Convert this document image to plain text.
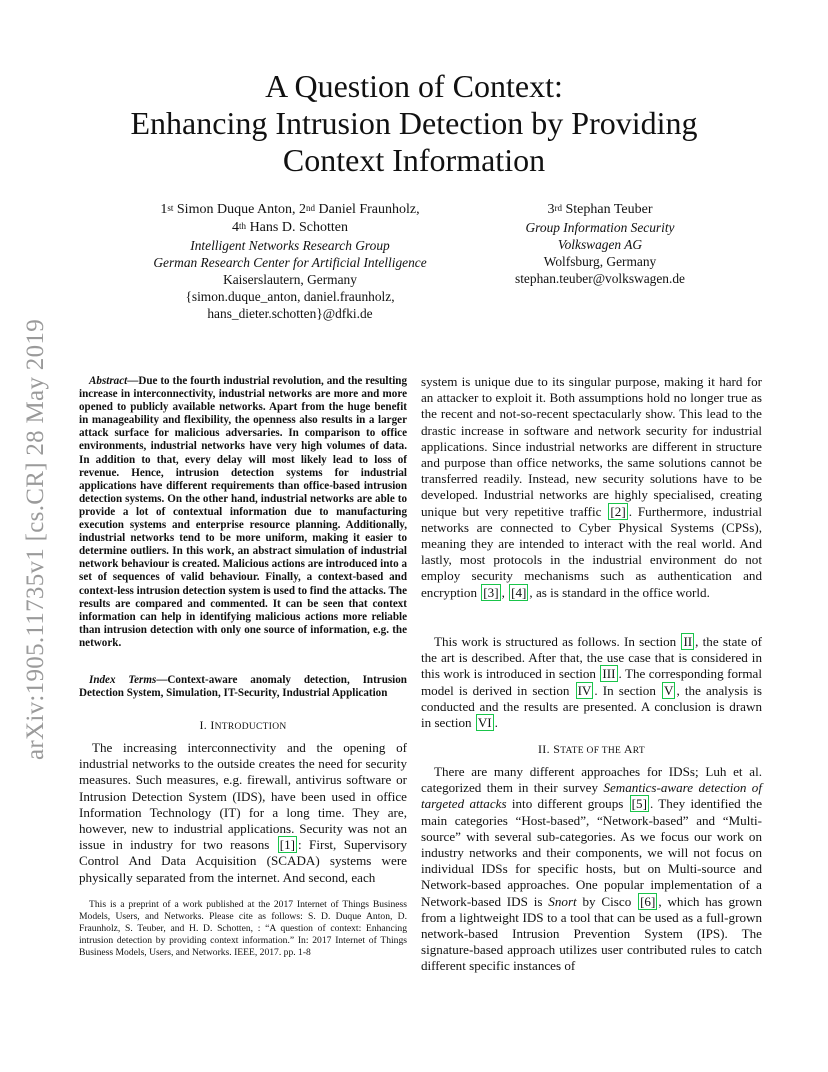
arXiv:1905.11735v1 [cs.CR] 28 May 2019
A Question of Context:
Enhancing Intrusion Detection by Providing
Context Information
1st Simon Duque Anton, 2nd Daniel Fraunholz,
4th Hans D. Schotten
Intelligent Networks Research Group
German Research Center for Artificial Intelligence
Kaiserslautern, Germany
{simon.duque_anton, daniel.fraunholz,
hans_dieter.schotten}@dfki.de
3rd Stephan Teuber
Group Information Security
Volkswagen AG
Wolfsburg, Germany
stephan.teuber@volkswagen.de
Abstract—Due to the fourth industrial revolution, and the resulting increase in interconnectivity, industrial networks are more and more opened to publicly available networks. Apart from the huge benefit in manageability and flexibility, the openness also results in a larger attack surface for malicious adversaries. In comparison to office environments, industrial networks have very high volumes of data. In addition to that, every delay will most likely lead to loss of revenue. Hence, intrusion detection systems for industrial applications have different requirements than office-based intrusion detection systems. On the other hand, industrial networks are able to provide a lot of contextual information due to manufacturing execution systems and enterprise resource planning. Additionally, industrial networks tend to be more uniform, making it easier to determine outliers. In this work, an abstract simulation of industrial network behaviour is created. Malicious actions are introduced into a set of sequences of valid behaviour. Finally, a context-based and context-less intrusion detection system is used to find the attacks. The results are compared and commented. It can be seen that context information can help in identifying malicious actions more reliable than intrusion detection with only one source of information, e.g. the network.
Index Terms—Context-aware anomaly detection, Intrusion Detection System, Simulation, IT-Security, Industrial Application
I. INTRODUCTION
The increasing interconnectivity and the opening of industrial networks to the outside creates the need for security measures. Such measures, e.g. firewall, antivirus software or Intrusion Detection System (IDS), have been used in office Information Technology (IT) for a long time. They are, however, new to industrial applications. Security was not an issue in industry for two reasons [1] : First, Supervisory Control And Data Acquisition (SCADA) systems were physically separated from the internet. And second, each
This is a preprint of a work published at the 2017 Internet of Things Business Models, Users, and Networks. Please cite as follows: S. D. Duque Anton, D. Fraunholz, S. Teuber, and H. D. Schotten, : “A question of context: Enhancing intrusion detection by providing context information.” In: 2017 Internet of Things Business Models, Users, and Networks. IEEE, 2017. pp. 1-8
system is unique due to its singular purpose, making it hard for an attacker to exploit it. Both assumptions hold no longer true as the recent and not-so-recent spectacularly show. This lead to the drastic increase in software and network security for industrial applications. Since industrial networks are different in structure and purpose than office networks, the same solutions cannot be transferred readily. Instead, new security solutions have to be developed. Industrial networks are highly specialised, creating unique but very repetitive traffic [2] . Furthermore, industrial networks are connected to Cyber Physical Systems (CPSs), meaning they are intended to interact with the real world. And lastly, most protocols in the industrial environment do not employ security mechanisms such as authentication and encryption [3] , [4] , as is standard in the office world.
This work is structured as follows. In section II , the state of the art is described. After that, the use case that is considered in this work is introduced in section III . The corresponding formal model is derived in section IV . In section V , the analysis is conducted and the results are presented. A conclusion is drawn in section VI .
II. STATE OF THE ART
There are many different approaches for IDSs; Luh et al. categorized them in their survey Semantics-aware detection of targeted attacks into different groups [5] . They identified the main categories “Host-based”, “Network-based” and “Multi-source” with several sub-categories. As we focus our work on industry networks and their components, we will not focus on individual IDSs for specific hosts, but on Multi-source and Network-based approaches. One popular implementation of a Network-based IDS is Snort by Cisco [6] , which has grown from a lightweight IDS to a tool that can be used as a full-grown network-based Intrusion Prevention System (IPS). The signature-based approach utilizes user contributed rules to catch different specific instances of
